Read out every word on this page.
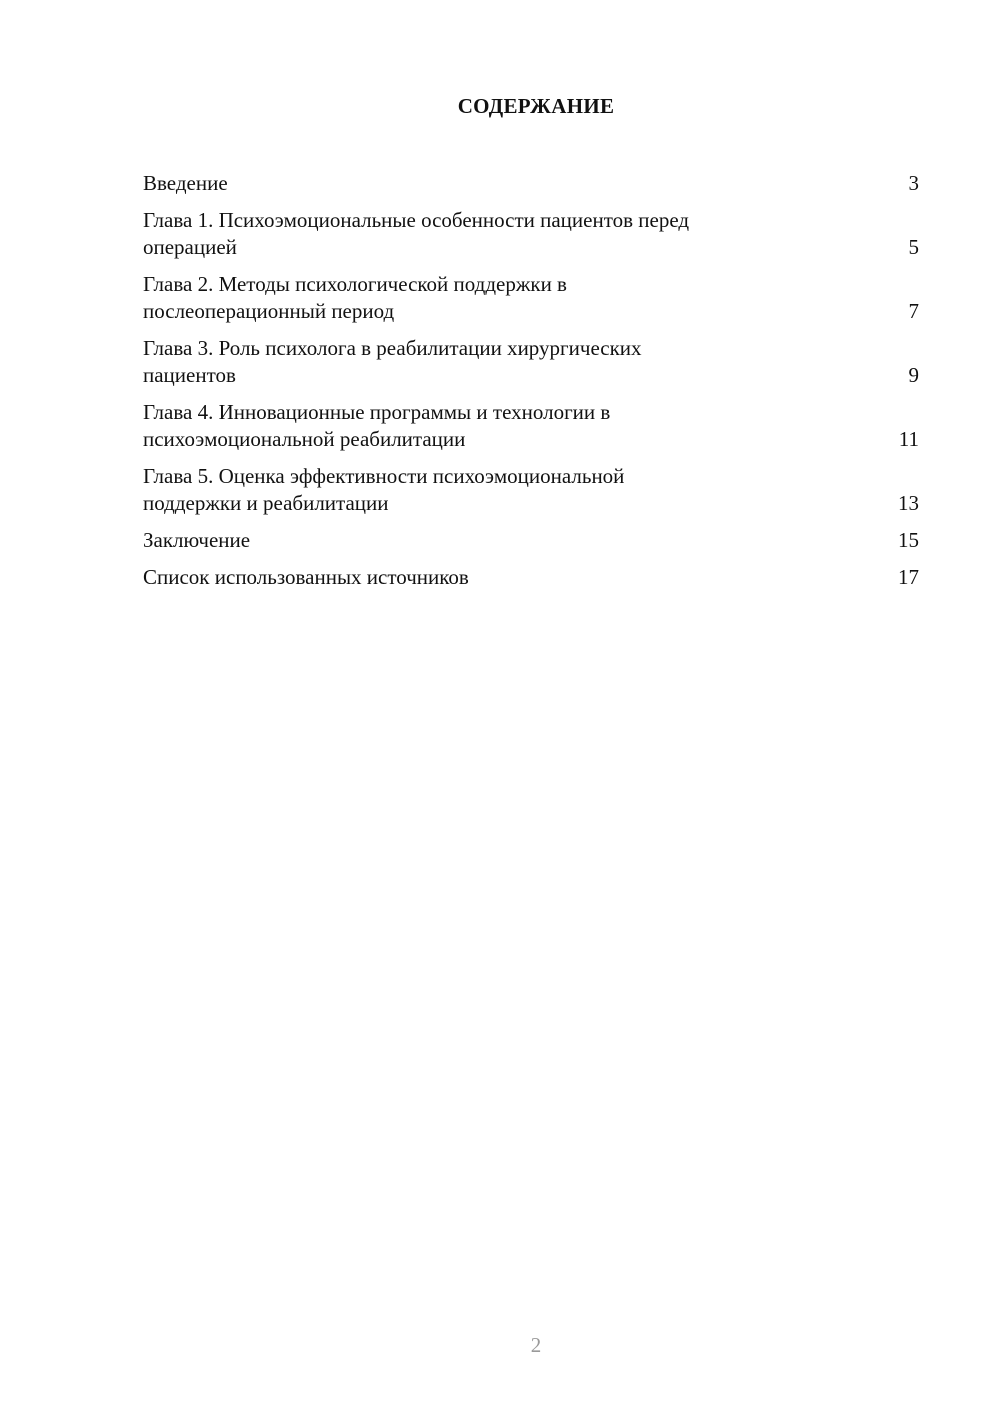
СОДЕРЖАНИЕ
Введение	3
Глава 1. Психоэмоциональные особенности пациентов перед
операцией	5
Глава 2. Методы психологической поддержки в
послеоперационный период	7
Глава 3. Роль психолога в реабилитации хирургических
пациентов	9
Глава 4. Инновационные программы и технологии в
психоэмоциональной реабилитации	11
Глава 5. Оценка эффективности психоэмоциональной
поддержки и реабилитации	13
Заключение	15
Список использованных источников	17
2
